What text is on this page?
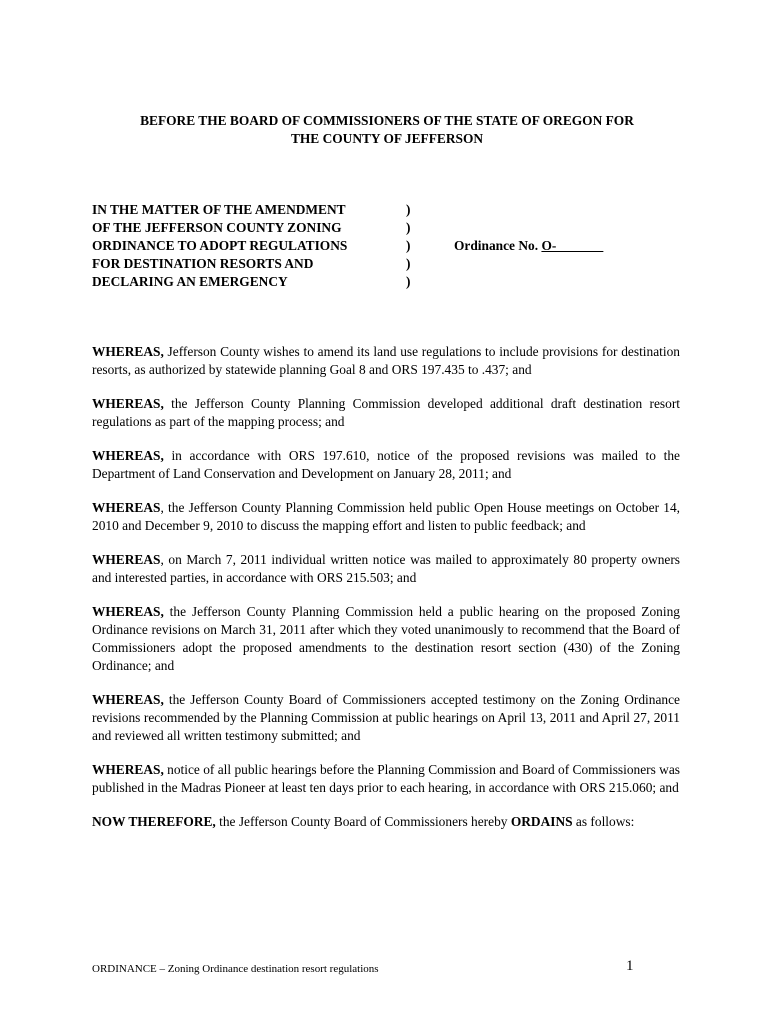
BEFORE THE BOARD OF COMMISSIONERS OF THE STATE OF OREGON FOR
THE COUNTY OF JEFFERSON
IN THE MATTER OF THE AMENDMENT
OF THE JEFFERSON COUNTY ZONING
ORDINANCE TO ADOPT REGULATIONS
FOR DESTINATION RESORTS AND
DECLARING AN EMERGENCY
)
)
)
)
)
Ordinance No. O-_______

WHEREAS, Jefferson County wishes to amend its land use regulations to include provisions for destination resorts, as authorized by statewide planning Goal 8 and ORS 197.435 to .437; and

WHEREAS, the Jefferson County Planning Commission developed additional draft destination resort regulations as part of the mapping process; and

WHEREAS, in accordance with ORS 197.610, notice of the proposed revisions was mailed to the Department of Land Conservation and Development on January 28, 2011; and

WHEREAS, the Jefferson County Planning Commission held public Open House meetings on October 14, 2010 and December 9, 2010 to discuss the mapping effort and listen to public feedback; and

WHEREAS, on March 7, 2011 individual written notice was mailed to approximately 80 property owners and interested parties, in accordance with ORS 215.503; and

WHEREAS, the Jefferson County Planning Commission held a public hearing on the proposed Zoning Ordinance revisions on March 31, 2011 after which they voted unanimously to recommend that the Board of Commissioners adopt the proposed amendments to the destination resort section (430) of the Zoning Ordinance; and

WHEREAS, the Jefferson County Board of Commissioners accepted testimony on the Zoning Ordinance revisions recommended by the Planning Commission at public hearings on April 13, 2011 and April 27, 2011 and reviewed all written testimony submitted; and

WHEREAS, notice of all public hearings before the Planning Commission and Board of Commissioners was published in the Madras Pioneer at least ten days prior to each hearing, in accordance with ORS 215.060; and

NOW THEREFORE, the Jefferson County Board of Commissioners hereby ORDAINS as follows:

ORDINANCE – Zoning Ordinance destination resort regulations	1
